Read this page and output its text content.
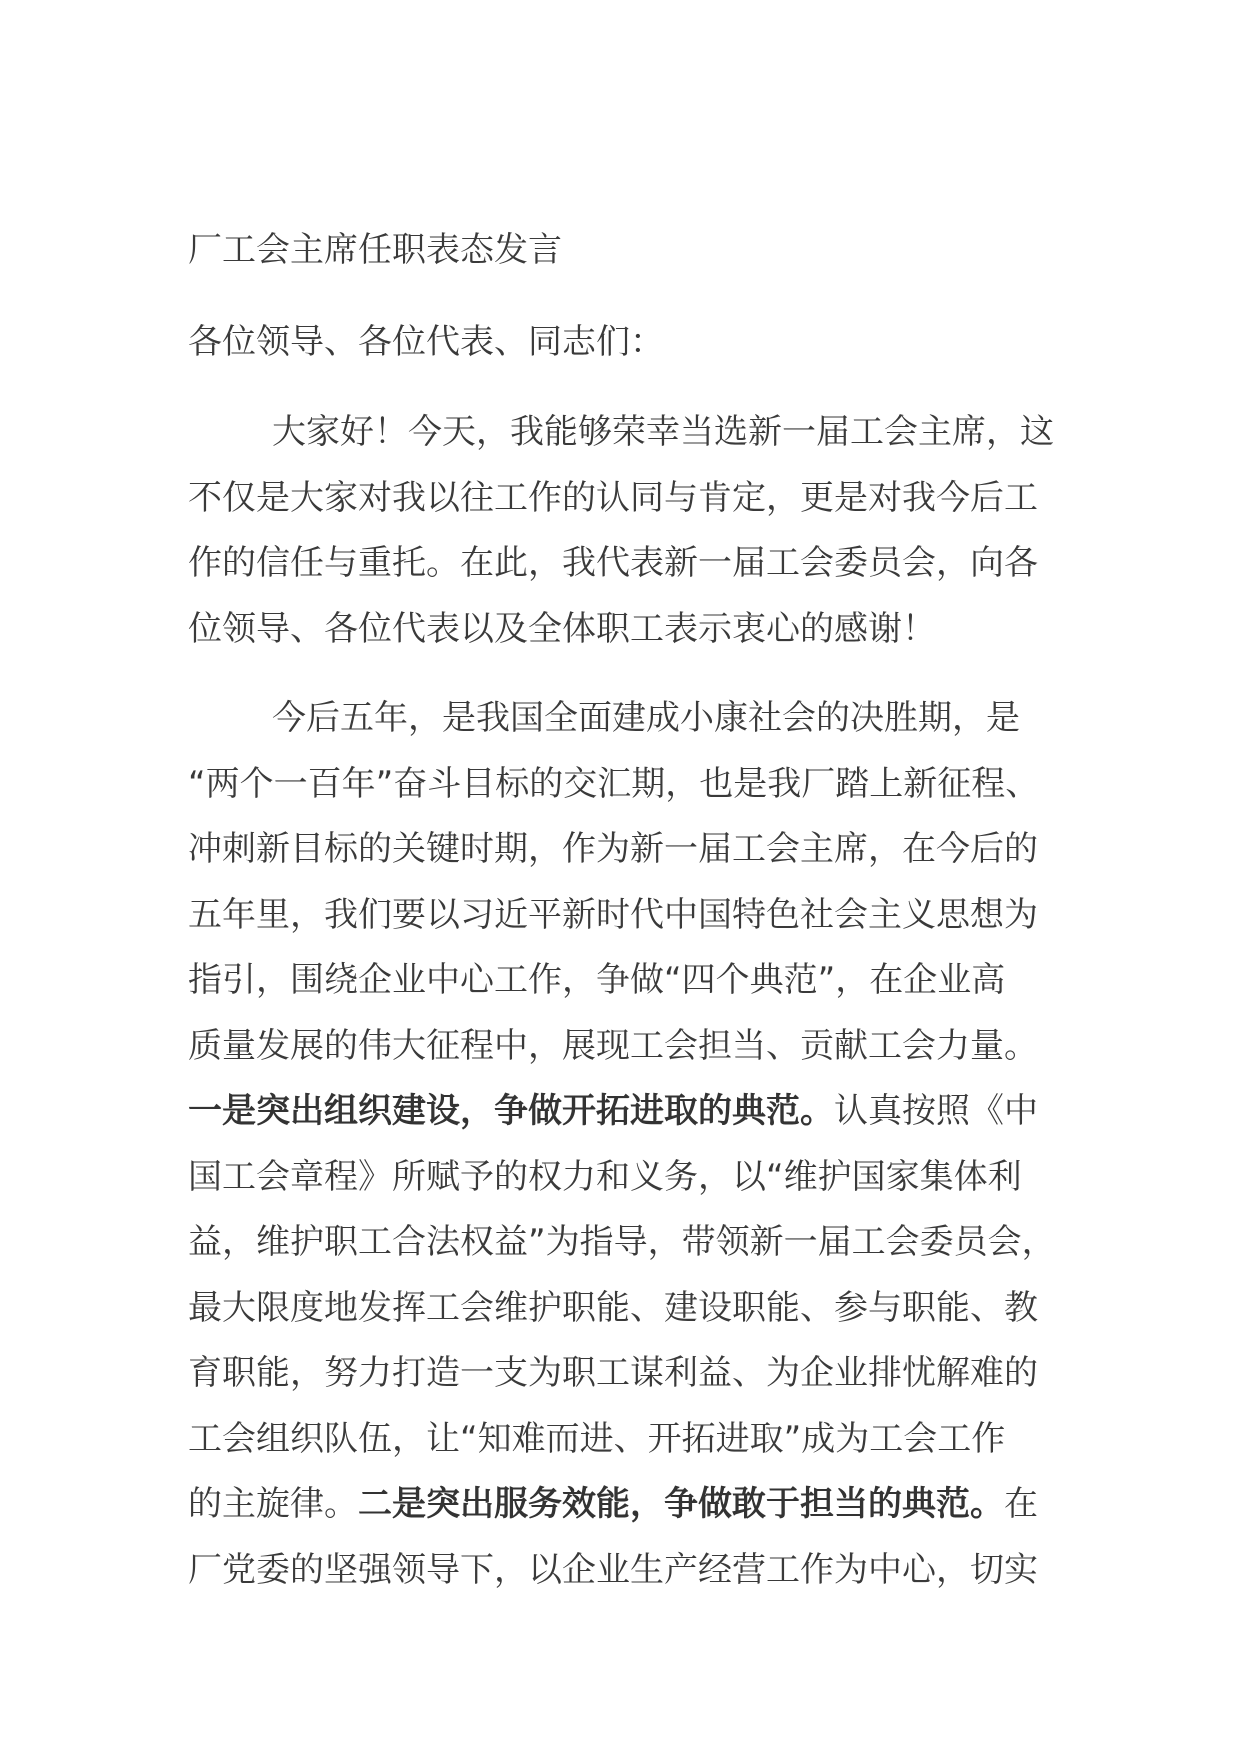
厂工会主席任职表态发言
各位领导、各位代表、同志们：
大家好！今天，我能够荣幸当选新一届工会主席，这
不仅是大家对我以往工作的认同与肯定，更是对我今后工
作的信任与重托。在此，我代表新一届工会委员会，向各
位领导、各位代表以及全体职工表示衷心的感谢！
今后五年，是我国全面建成小康社会的决胜期，是
“两个一百年”奋斗目标的交汇期，也是我厂踏上新征程、
冲刺新目标的关键时期，作为新一届工会主席，在今后的
五年里，我们要以习近平新时代中国特色社会主义思想为
指引，围绕企业中心工作，争做“四个典范”，在企业高
质量发展的伟大征程中，展现工会担当、贡献工会力量。
一是突出组织建设，争做开拓进取的典范。认真按照《中
国工会章程》所赋予的权力和义务，以“维护国家集体利
益，维护职工合法权益”为指导，带领新一届工会委员会，
最大限度地发挥工会维护职能、建设职能、参与职能、教
育职能，努力打造一支为职工谋利益、为企业排忧解难的
工会组织队伍，让“知难而进、开拓进取”成为工会工作
的主旋律。二是突出服务效能，争做敢于担当的典范。在
厂党委的坚强领导下，以企业生产经营工作为中心，切实
